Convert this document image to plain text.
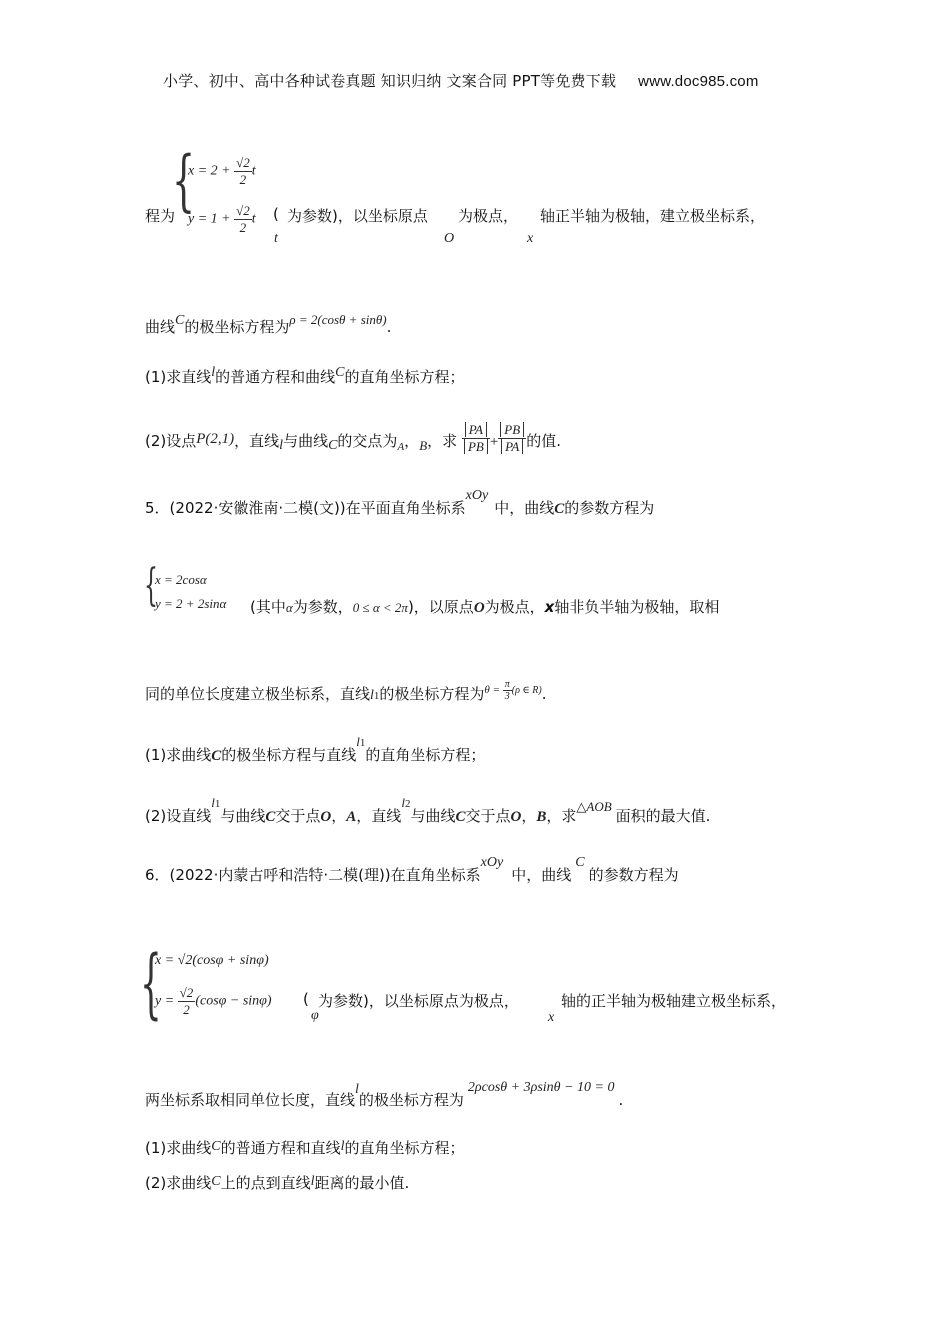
小学、初中、高中各种试卷真题 知识归纳 文案合同 PPT等免费下载 www.doc985.com
程为
{
$x = 2 + \frac{√2}{2}$ t
$y = 1 + \frac{√2}{2}$ t ( 为参数)，以坐标原点 为极点， 轴正半轴为极轴，建立极坐标系，
t	O	x
曲线C的极坐标方程为ρ = 2(cosθ + sinθ).
(1)求直线l的普通方程和曲线C的直角坐标方程；
(2)设点P(2,1)，直线l与曲线C的交点为$_A$，B，求 $\frac{PA}{PB} + \frac{PB}{PA}$ 的值.
5．(2022·安徽淮南·二模(文))在平面直角坐标系xOy中，曲线C的参数方程为
{
x = 2cosα
y = 2 + 2sinα (其中α为参数，0 ≤ α < 2π)，以原点O为极点，x轴非负半轴为极轴，取相
同的单位长度建立极坐标系，直线l1的极坐标方程为$^{\theta =} \frac{\pi}{3} ^{(\rho \in R)}$.
(1)求曲线C的极坐标方程与直线$l^1$的直角坐标方程；
(2)设直线$l^1$与曲线C交于点O，A，直线$l^2$与曲线C交于点O，B，求△AOB面积的最大值.
6．(2022·内蒙古呼和浩特·二模(理))在直角坐标系xOy中，曲线C的参数方程为
{
x = √2(cosφ + sinφ)
$y = \frac{√2}{2} (\cos\varphi - \sin\varphi)$ ( 为参数)，以坐标原点为极点，	轴的正半轴为极轴建立极坐标系，
φ	x
两坐标系取相同单位长度，直线l的极坐标方程为2ρcosθ + 3ρsinθ − 10 = 0.
(1)求曲线C的普通方程和直线l的直角坐标方程；
(2)求曲线C上的点到直线l距离的最小值.
